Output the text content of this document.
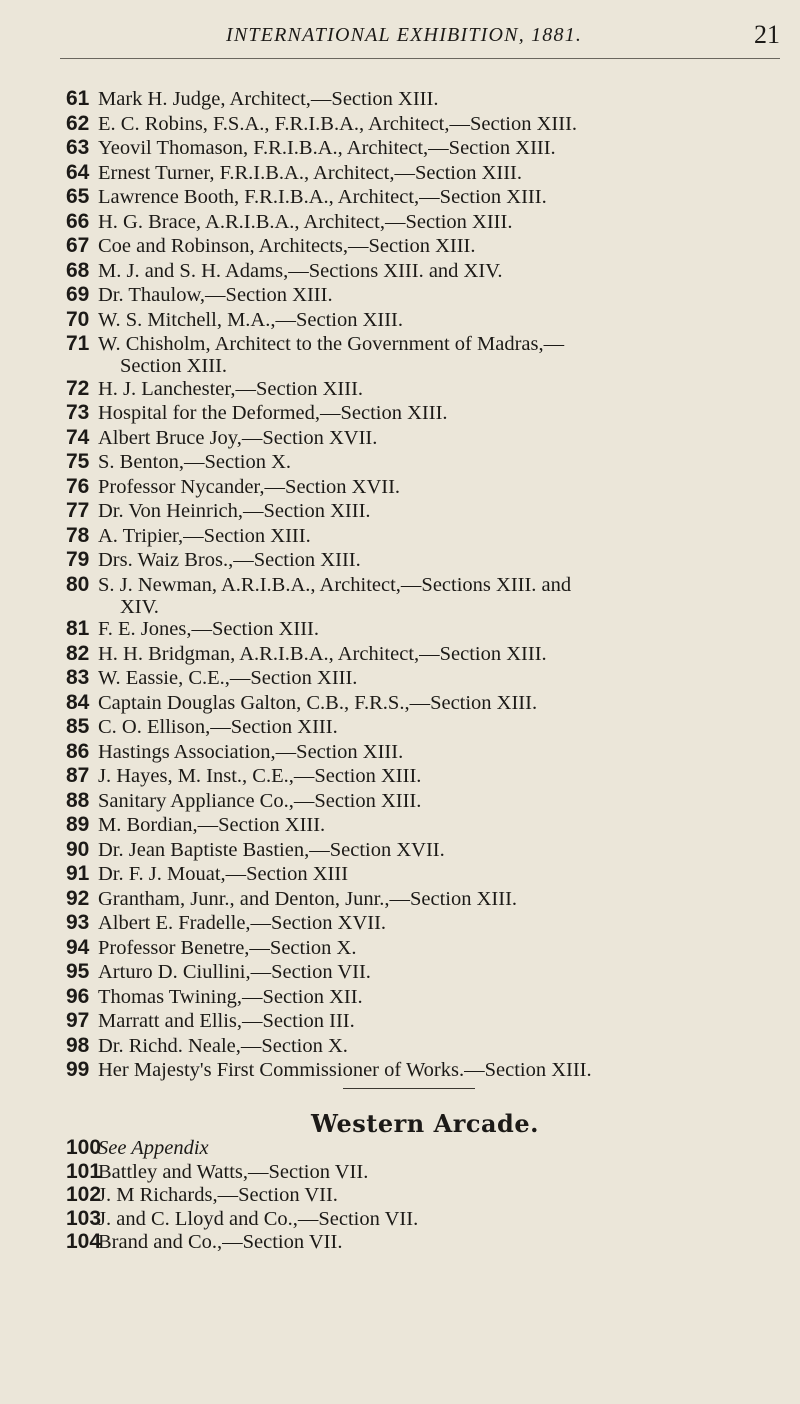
INTERNATIONAL EXHIBITION, 1881.	21
61 Mark H. Judge, Architect,—Section XIII.
62 E. C. Robins, F.S.A., F.R.I.B.A., Architect,—Section XIII.
63 Yeovil Thomason, F.R.I.B.A., Architect,—Section XIII.
64 Ernest Turner, F.R.I.B.A., Architect,—Section XIII.
65 Lawrence Booth, F.R.I.B.A., Architect,—Section XIII.
66 H. G. Brace, A.R.I.B.A., Architect,—Section XIII.
67 Coe and Robinson, Architects,—Section XIII.
68 M. J. and S. H. Adams,—Sections XIII. and XIV.
69 Dr. Thaulow,—Section XIII.
70 W. S. Mitchell, M.A.,—Section XIII.
71 W. Chisholm, Architect to the Government of Madras,—
Section XIII.
72 H. J. Lanchester,—Section XIII.
73 Hospital for the Deformed,—Section XIII.
74 Albert Bruce Joy,—Section XVII.
75 S. Benton,—Section X.
76 Professor Nycander,—Section XVII.
77 Dr. Von Heinrich,—Section XIII.
78 A. Tripier,—Section XIII.
79 Drs. Waiz Bros.,—Section XIII.
80 S. J. Newman, A.R.I.B.A., Architect,—Sections XIII. and
XIV.
81 F. E. Jones,—Section XIII.
82 H. H. Bridgman, A.R.I.B.A., Architect,—Section XIII.
83 W. Eassie, C.E.,—Section XIII.
84 Captain Douglas Galton, C.B., F.R.S.,—Section XIII.
85 C. O. Ellison,—Section XIII.
86 Hastings Association,—Section XIII.
87 J. Hayes, M. Inst., C.E.,—Section XIII.
88 Sanitary Appliance Co.,—Section XIII.
89 M. Bordian,—Section XIII.
90 Dr. Jean Baptiste Bastien,—Section XVII.
91 Dr. F. J. Mouat,—Section XIII
92 Grantham, Junr., and Denton, Junr.,—Section XIII.
93 Albert E. Fradelle,—Section XVII.
94 Professor Benetre,—Section X.
95 Arturo D. Ciullini,—Section VII.
96 Thomas Twining,—Section XII.
97 Marratt and Ellis,—Section III.
98 Dr. Richd. Neale,—Section X.
99 Her Majesty's First Commissioner of Works.—Section XIII.
Western Arcade.
100
See Appendix
101
Battley and Watts,—Section VII.
102
J. M Richards,—Section VII.
103
J. and C. Lloyd and Co.,—Section VII.
104
Brand and Co.,—Section VII.
